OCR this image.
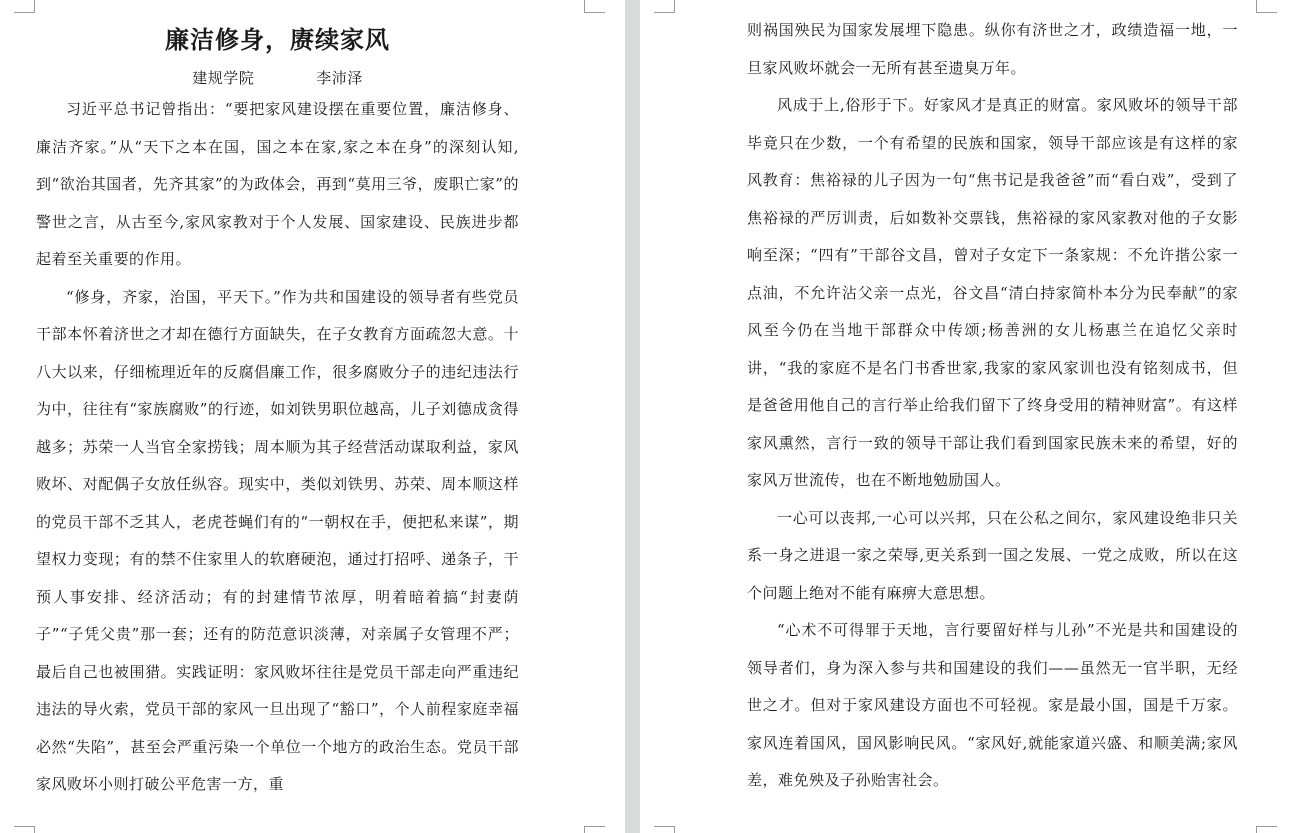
廉洁修身，赓续家风
建规学院	李沛泽

习近平总书记曾指出：“要把家风建设摆在重要位置，廉洁修身、廉洁齐家。”从“天下之本在国，国之本在家,家之本在身”的深刻认知,到“欲治其国者，先齐其家”的为政体会，再到“莫用三爷，废职亡家”的警世之言，从古至今,家风家教对于个人发展、国家建设、民族进步都起着至关重要的作用。

“修身，齐家，治国，平天下。”作为共和国建设的领导者有些党员干部本怀着济世之才却在德行方面缺失，在子女教育方面疏忽大意。十八大以来，仔细梳理近年的反腐倡廉工作，很多腐败分子的违纪违法行为中，往往有“家族腐败”的行迹，如刘铁男职位越高，儿子刘德成贪得越多；苏荣一人当官全家捞钱；周本顺为其子经营活动谋取利益，家风败坏、对配偶子女放任纵容。现实中，类似刘铁男、苏荣、周本顺这样的党员干部不乏其人，老虎苍蝇们有的“一朝权在手，便把私来谋”，期望权力变现；有的禁不住家里人的软磨硬泡，通过打招呼、递条子，干预人事安排、经济活动；有的封建情节浓厚，明着暗着搞“封妻荫子”“子凭父贵”那一套；还有的防范意识淡薄，对亲属子女管理不严；最后自己也被围猎。实践证明：家风败坏往往是党员干部走向严重违纪违法的导火索，党员干部的家风一旦出现了“豁口”，个人前程家庭幸福必然“失陷”，甚至会严重污染一个单位一个地方的政治生态。党员干部家风败坏小则打破公平危害一方，重

则祸国殃民为国家发展埋下隐患。纵你有济世之才，政绩造福一地，一旦家风败坏就会一无所有甚至遗臭万年。

风成于上,俗形于下。好家风才是真正的财富。家风败坏的领导干部毕竟只在少数，一个有希望的民族和国家，领导干部应该是有这样的家风教育：焦裕禄的儿子因为一句“焦书记是我爸爸”而“看白戏”，受到了焦裕禄的严厉训责，后如数补交票钱，焦裕禄的家风家教对他的子女影响至深；“四有”干部谷文昌，曾对子女定下一条家规：不允许揩公家一点油，不允许沾父亲一点光，谷文昌“清白持家简朴本分为民奉献”的家风至今仍在当地干部群众中传颂;杨善洲的女儿杨惠兰在追忆父亲时讲，“我的家庭不是名门书香世家,我家的家风家训也没有铭刻成书，但是爸爸用他自己的言行举止给我们留下了终身受用的精神财富”。有这样家风熏然，言行一致的领导干部让我们看到国家民族未来的希望，好的家风万世流传，也在不断地勉励国人。

一心可以丧邦,一心可以兴邦，只在公私之间尔，家风建设绝非只关系一身之进退一家之荣辱,更关系到一国之发展、一党之成败，所以在这个问题上绝对不能有麻痹大意思想。

“心术不可得罪于天地，言行要留好样与儿孙”不光是共和国建设的领导者们，身为深入参与共和国建设的我们——虽然无一官半职，无经世之才。但对于家风建设方面也不可轻视。家是最小国，国是千万家。家风连着国风，国风影响民风。“家风好,就能家道兴盛、和顺美满;家风差，难免殃及子孙贻害社会。
